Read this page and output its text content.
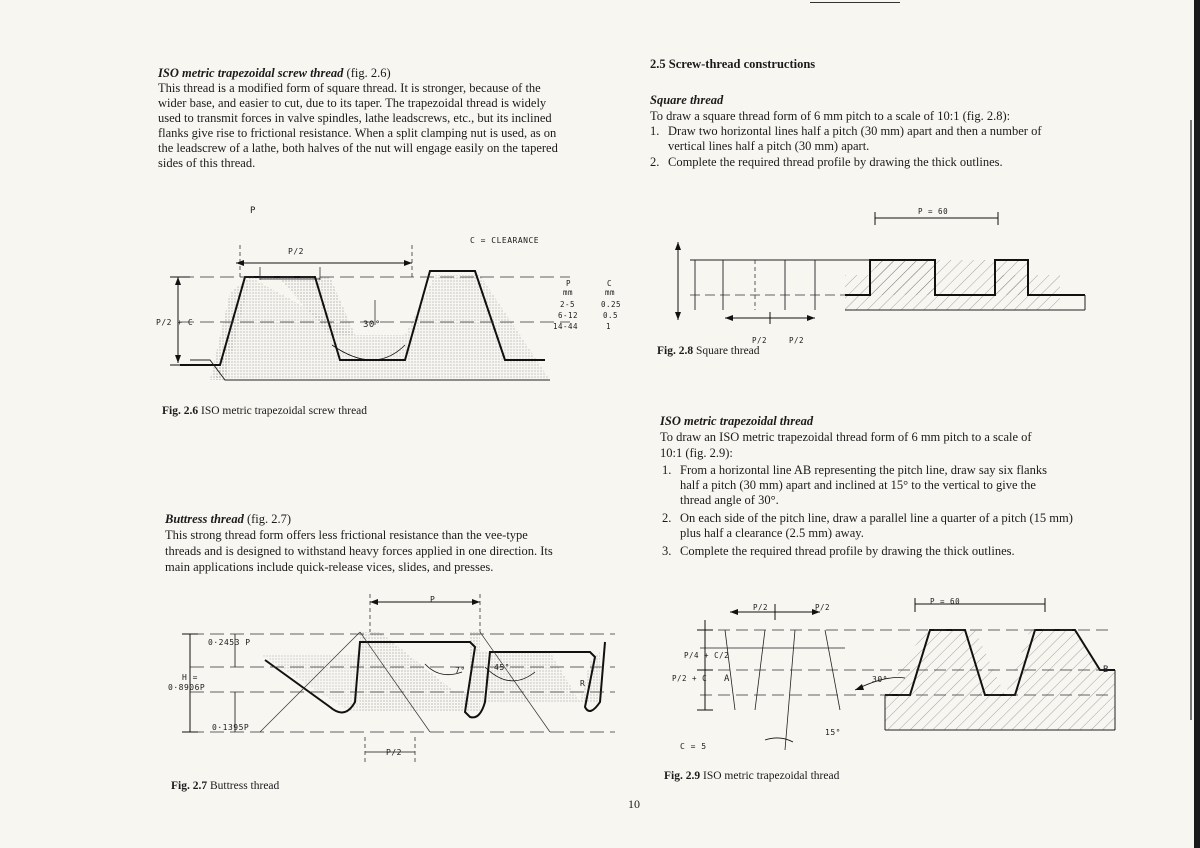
ISO metric trapezoidal screw thread (fig. 2.6)
This thread is a modified form of square thread. It is stronger, because of the
wider base, and easier to cut, due to its taper. The trapezoidal thread is widely
used to transmit forces in valve spindles, lathe leadscrews, etc., but its inclined
flanks give rise to frictional resistance. When a split clamping nut is used, as on
the leadscrew of a lathe, both halves of the nut will engage easily on the tapered
sides of this thread.
P
P/2
C = CLEARANCE
30°
P/2 + C
P	C
mm	mm
2-5	0.25
6-12	0.5
14-44	1
Fig. 2.6 ISO metric trapezoidal screw thread
Buttress thread (fig. 2.7)
This strong thread form offers less frictional resistance than the vee-type
threads and is designed to withstand heavy forces applied in one direction. Its
main applications include quick-release vices, slides, and presses.
P
0·2453 P
H =
0·8906P
0·1395P
7°	45°
R
P/2
Fig. 2.7 Buttress thread
10
2.5 Screw-thread constructions
Square thread
To draw a square thread form of 6 mm pitch to a scale of 10:1 (fig. 2.8):
1. Draw two horizontal lines half a pitch (30 mm) apart and then a number of
vertical lines half a pitch (30 mm) apart.
2. Complete the required thread profile by drawing the thick outlines.
P = 60
P/2	P/2
Fig. 2.8 Square thread
ISO metric trapezoidal thread
To draw an ISO metric trapezoidal thread form of 6 mm pitch to a scale of
10:1 (fig. 2.9):
1. From a horizontal line AB representing the pitch line, draw say six flanks
half a pitch (30 mm) apart and inclined at 15° to the vertical to give the
thread angle of 30°.
2. On each side of the pitch line, draw a parallel line a quarter of a pitch (15 mm)
plus half a clearance (2.5 mm) away.
3. Complete the required thread profile by drawing the thick outlines.
P = 60
P/2	P/2
P/4 + C/2
P/2 + C A
B
30°
15°
C = 5
Fig. 2.9 ISO metric trapezoidal thread
